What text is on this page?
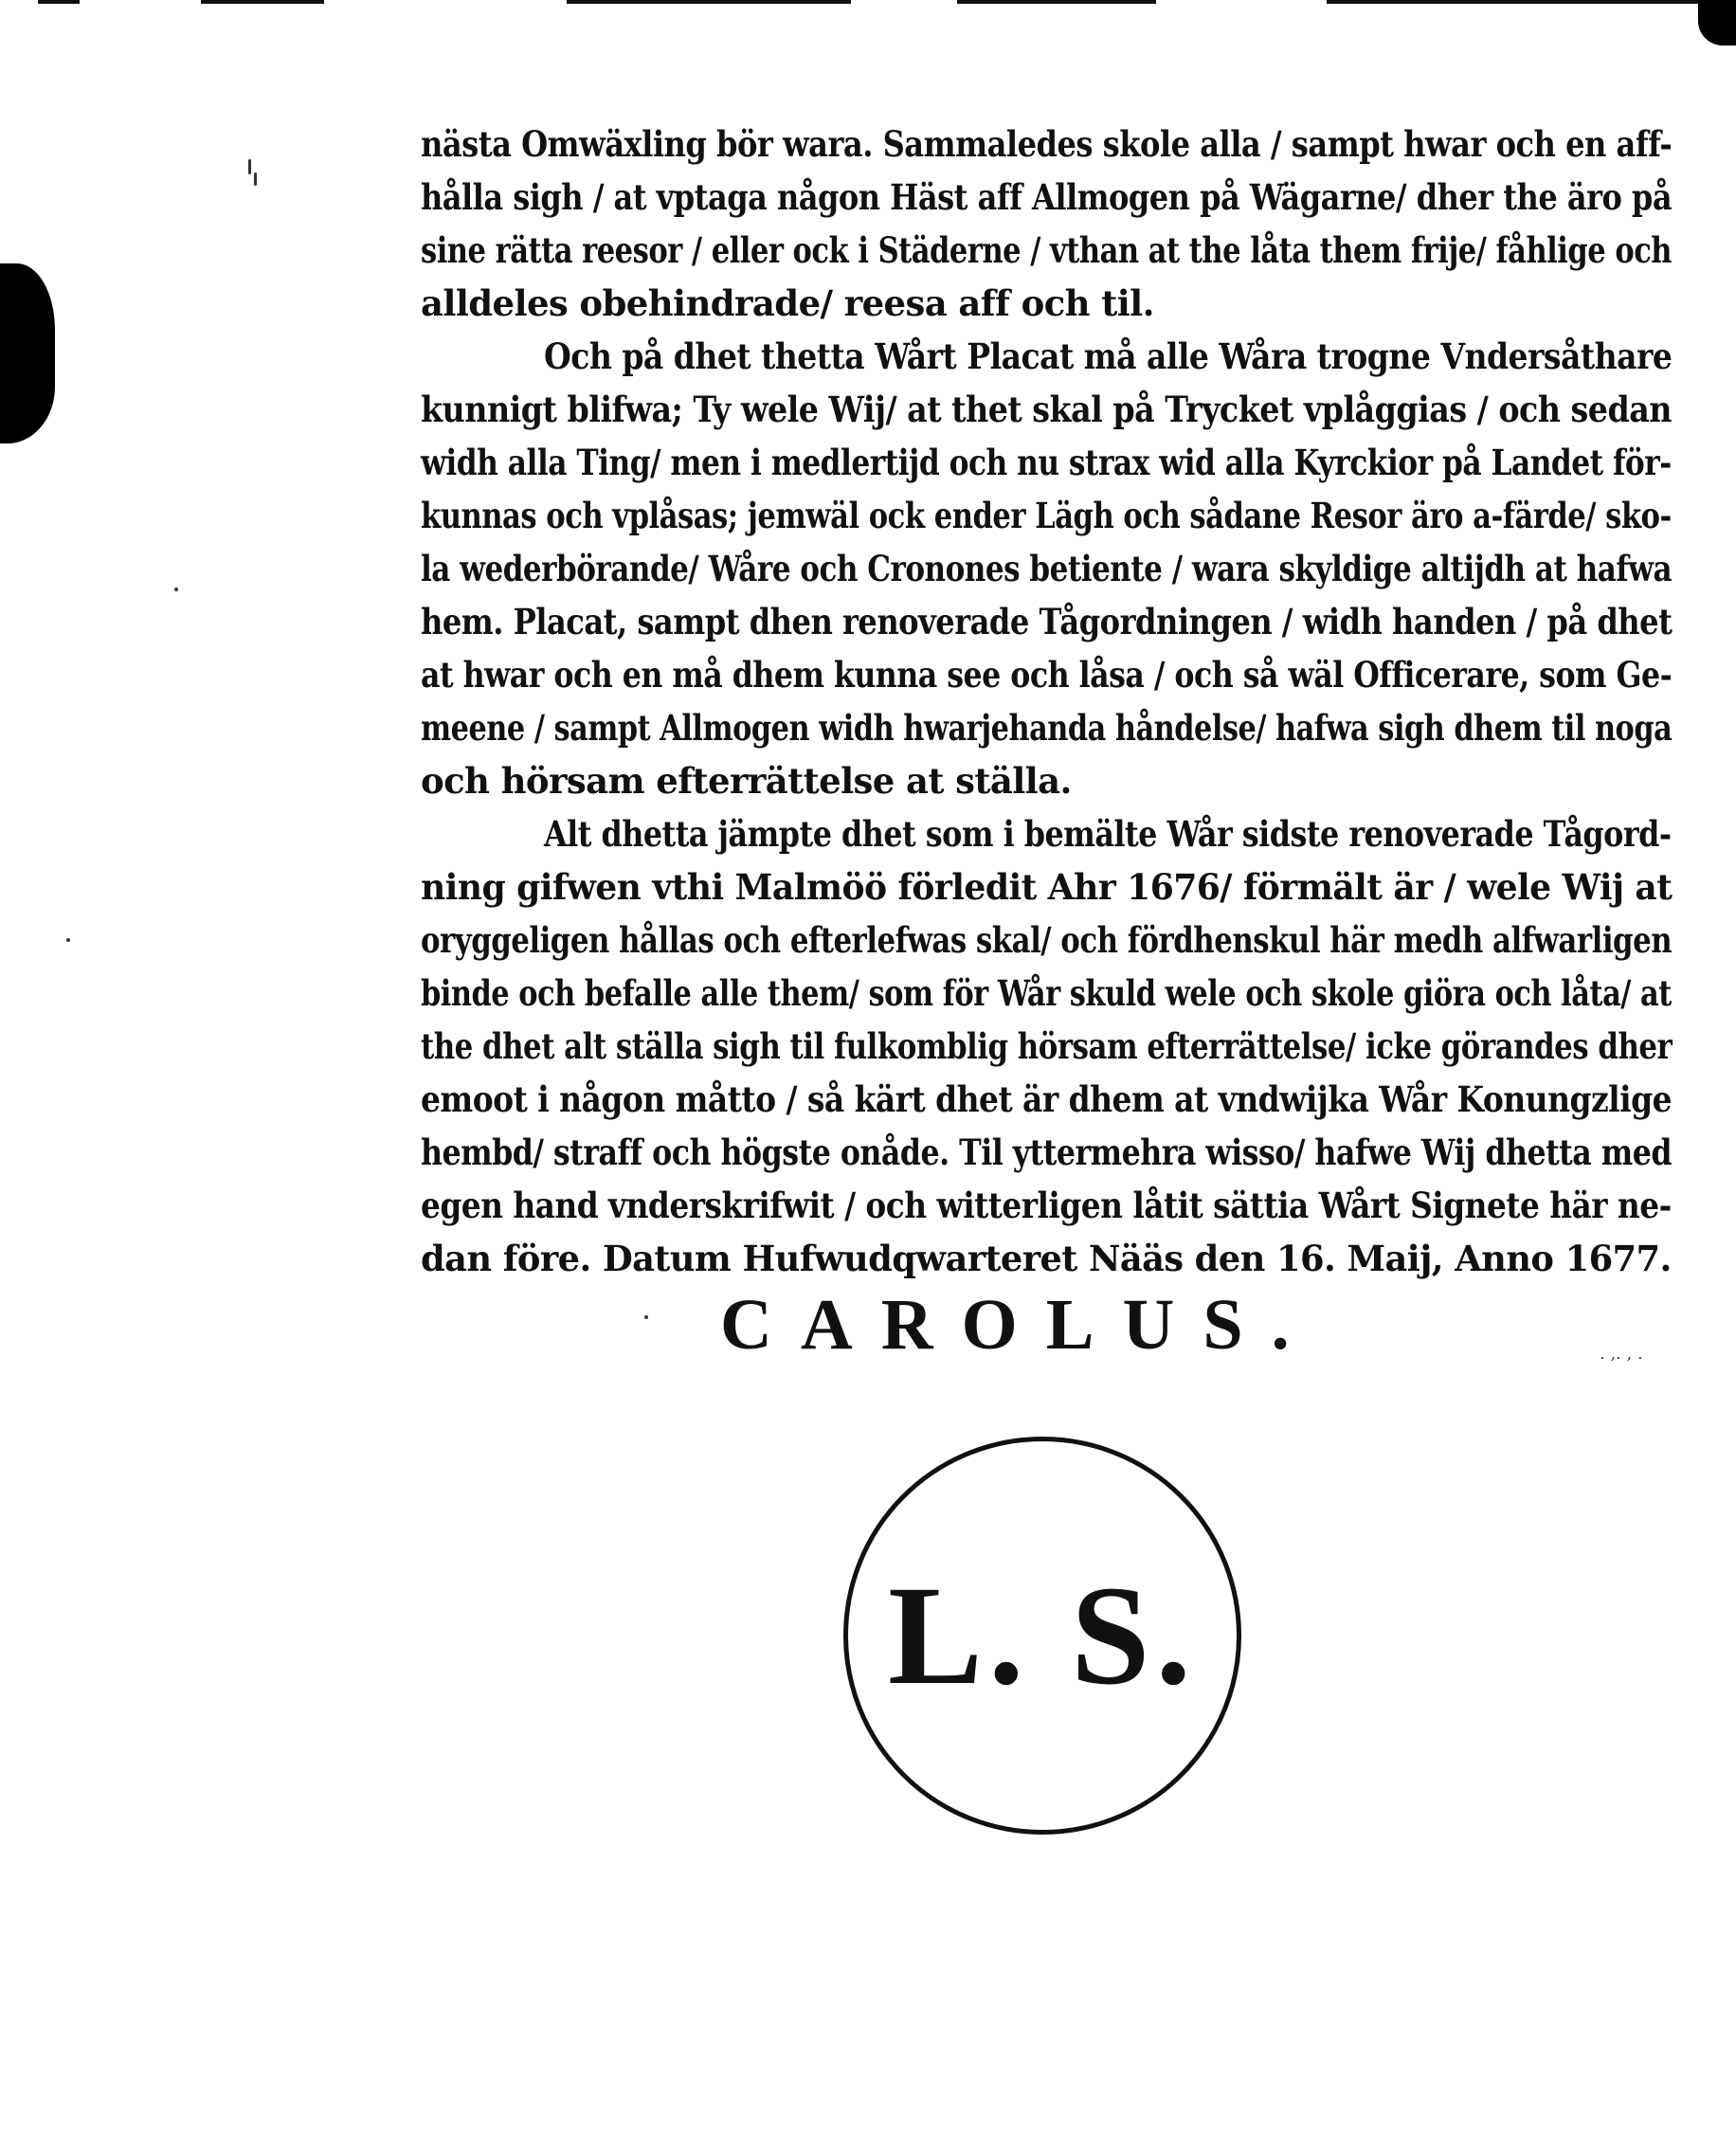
nästa Omwäxling bör wara. Sammaledes skole alla / sampt hwar och en aff-
hålla sigh / at vptaga någon Häst aff Allmogen på Wägarne/ dher the äro på
sine rätta reesor / eller ock i Städerne / vthan at the låta them frije/ fåhlige och
alldeles obehindrade/ reesa aff och til.
Och på dhet thetta Wårt Placat må alle Wåra trogne Vndersåthare
kunnigt blifwa; Ty wele Wij/ at thet skal på Trycket vplåggias / och sedan
widh alla Ting/ men i medlertijd och nu strax wid alla Kyrckior på Landet för-
kunnas och vplåsas; jemwäl ock ender Lägh och sådane Resor äro a-färde/ sko-
la wederbörande/ Wåre och Cronones betiente / wara skyldige altijdh at hafwa
hem. Placat, sampt dhen renoverade Tågordningen / widh handen / på dhet
at hwar och en må dhem kunna see och låsa / och så wäl Officerare, som Ge-
meene / sampt Allmogen widh hwarjehanda håndelse/ hafwa sigh dhem til noga
och hörsam efterrättelse at ställa.
Alt dhetta jämpte dhet som i bemälte Wår sidste renoverade Tågord-
ning gifwen vthi Malmöö förledit Ahr 1676/ förmält är / wele Wij at
oryggeligen hållas och efterlefwas skal/ och fördhenskul här medh alfwarligen
binde och befalle alle them/ som för Wår skuld wele och skole giöra och låta/ at
the dhet alt ställa sigh til fulkomblig hörsam efterrättelse/ icke görandes dher
emoot i någon måtto / så kärt dhet är dhem at vndwijka Wår Konungzlige
hembd/ straff och högste onåde. Til yttermehra wisso/ hafwe Wij dhetta med
egen hand vnderskrifwit / och witterligen låtit sättia Wårt Signete här ne-
dan före. Datum Hufwudqwarteret Nääs den 16. Maij, Anno 1677.
CAROLUS.	. ,. , .
L. S.
